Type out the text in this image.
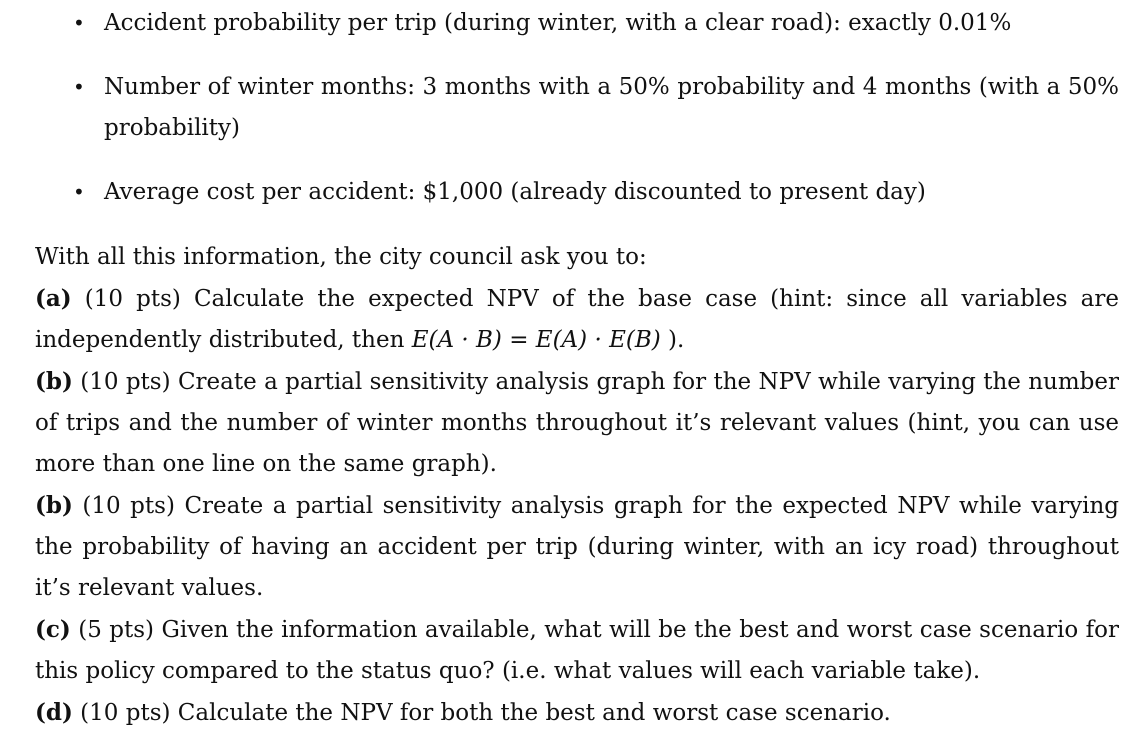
• Accident probability per trip (during winter, with a clear road): exactly 0.01%
• Number of winter months: 3 months with a 50% probability and 4 months (with a 50% probability)
• Average cost per accident: $1,000 (already discounted to present day)
With all this information, the city council ask you to:
(a) (10 pts) Calculate the expected NPV of the base case (hint: since all variables are independently distributed, then E(A · B) = E(A) · E(B) ).
(b) (10 pts) Create a partial sensitivity analysis graph for the NPV while varying the number of trips and the number of winter months throughout it’s relevant values (hint, you can use more than one line on the same graph).
(b) (10 pts) Create a partial sensitivity analysis graph for the expected NPV while varying the probability of having an accident per trip (during winter, with an icy road) throughout it’s relevant values.
(c) (5 pts) Given the information available, what will be the best and worst case scenario for this policy compared to the status quo? (i.e. what values will each variable take).
(d) (10 pts) Calculate the NPV for both the best and worst case scenario.
